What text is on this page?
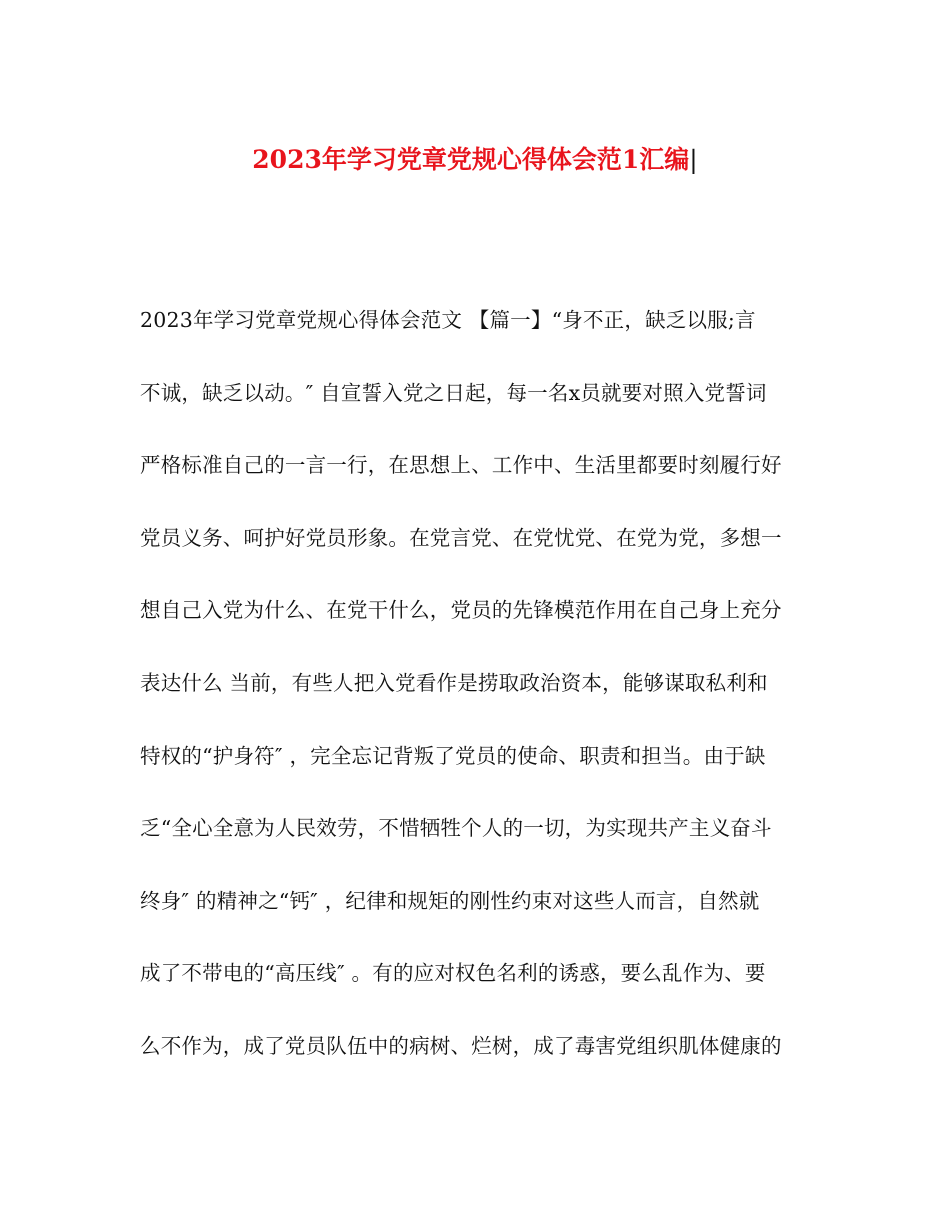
2023年学习党章党规心得体会范1汇编|
2023年学习党章党规心得体会范文 【篇一】“身不正，缺乏以服;言
不诚，缺乏以动。″ 自宣誓入党之日起，每一名x员就要对照入党誓词
严格标准自己的一言一行，在思想上、工作中、生活里都要时刻履行好
党员义务、呵护好党员形象。在党言党、在党忧党、在党为党，多想一
想自己入党为什么、在党干什么，党员的先锋模范作用在自己身上充分
表达什么 当前，有些人把入党看作是捞取政治资本，能够谋取私利和
特权的“护身符″ ，完全忘记背叛了党员的使命、职责和担当。由于缺
乏“全心全意为人民效劳，不惜牺牲个人的一切，为实现共产主义奋斗
终身″ 的精神之“钙″ ，纪律和规矩的刚性约束对这些人而言，自然就
成了不带电的“高压线″ 。有的应对权色名利的诱惑，要么乱作为、要
么不作为，成了党员队伍中的病树、烂树，成了毒害党组织肌体健康的
